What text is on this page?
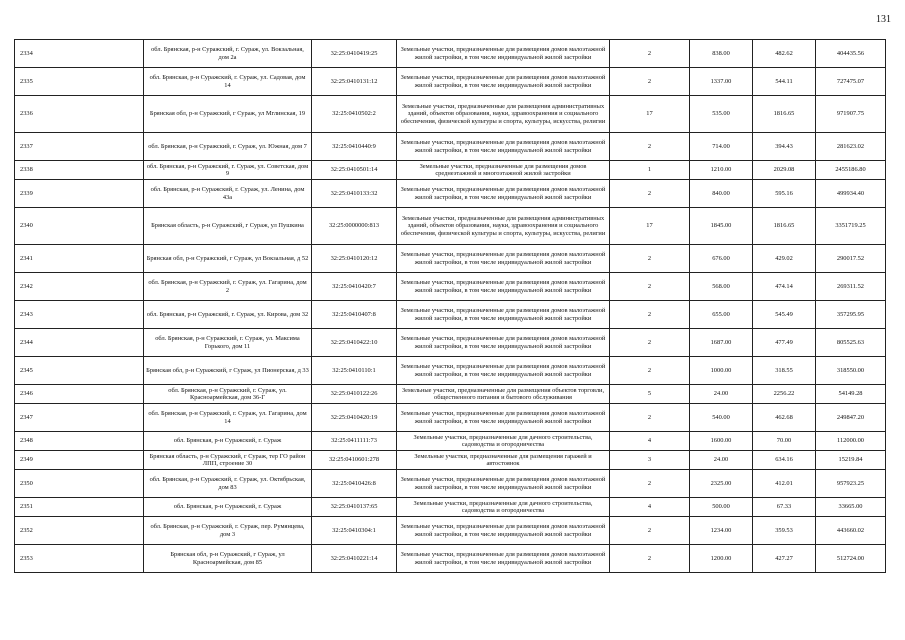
131
2334	обл. Брянская, р-н Суражский, г. Сураж, ул. Вокзальная, дом 2а	32:25:0410419:25	Земельные участки, предназначенные для размещения домов малоэтажной жилой застройки, в том числе индивидуальной жилой застройки	2	838.00	482.62	404435.56
2335	обл. Брянская, р-н Суражский, г. Сураж, ул. Садовая, дом 14	32:25:0410131:12	Земельные участки, предназначенные для размещения домов малоэтажной жилой застройки, в том числе индивидуальной жилой застройки	2	1337.00	544.11	727475.07
2336	Брянская обл, р-н Суражский, г Сураж, ул Мглинская, 19	32:25:0410502:2	Земельные участки, предназначенные для размещения административных зданий, объектов образования, науки, здравоохранения и социального обеспечения, физической культуры и спорта, культуры, искусства, религии	17	535.00	1816.65	971907.75
2337	обл. Брянская, р-н Суражский, г. Сураж, ул. Южная, дом 7	32:25:0410440:9	Земельные участки, предназначенные для размещения домов малоэтажной жилой застройки, в том числе индивидуальной жилой застройки	2	714.00	394.43	281623.02
2338	обл. Брянская, р-н Суражский, г. Сураж, ул. Советская, дом 9	32:25:0410501:14	Земельные участки, предназначенные для размещения домов среднеэтажной и многоэтажной жилой застройки	1	1210.00	2029.08	2455186.80
2339	обл. Брянская, р-н Суражский, г. Сураж, ул. Ленина, дом 43а	32:25:0410133:32	Земельные участки, предназначенные для размещения домов малоэтажной жилой застройки, в том числе индивидуальной жилой застройки	2	840.00	595.16	499934.40
2340	Брянская область, р-н Суражский, г Сураж, ул Пушкина	32:25:0000000:813	Земельные участки, предназначенные для размещения административных зданий, объектов образования, науки, здравоохранения и социального обеспечения, физической культуры и спорта, культуры, искусства, религии	17	1845.00	1816.65	3351719.25
2341	Брянская обл, р-н Суражский, г Сураж, ул Вокзальная, д 52	32:25:0410120:12	Земельные участки, предназначенные для размещения домов малоэтажной жилой застройки, в том числе индивидуальной жилой застройки	2	676.00	429.02	290017.52
2342	обл. Брянская, р-н Суражский, г. Сураж, ул. Гагарина, дом 2	32:25:0410420:7	Земельные участки, предназначенные для размещения домов малоэтажной жилой застройки, в том числе индивидуальной жилой застройки	2	568.00	474.14	269311.52
2343	обл. Брянская, р-н Суражский, г. Сураж, ул. Кирова, дом 32	32:25:0410407:8	Земельные участки, предназначенные для размещения домов малоэтажной жилой застройки, в том числе индивидуальной жилой застройки	2	655.00	545.49	357295.95
2344	обл. Брянская, р-н Суражский, г. Сураж, ул. Максима Горького, дом 11	32:25:0410422:10	Земельные участки, предназначенные для размещения домов малоэтажной жилой застройки, в том числе индивидуальной жилой застройки	2	1687.00	477.49	805525.63
2345	Брянская обл, р-н Суражский, г Сураж, ул Пионерская, д 33	32:25:0410110:1	Земельные участки, предназначенные для размещения домов малоэтажной жилой застройки, в том числе индивидуальной жилой застройки	2	1000.00	318.55	318550.00
2346	обл. Брянская, р-н Суражский, г. Сураж, ул. Красноармейская, дом 36-Г	32:25:0410122:26	Земельные участки, предназначенные для размещения объектов торговли, общественного питания и бытового обслуживания	5	24.00	2256.22	54149.28
2347	обл. Брянская, р-н Суражский, г. Сураж, ул. Гагарина, дом 14	32:25:0410420:19	Земельные участки, предназначенные для размещения домов малоэтажной жилой застройки, в том числе индивидуальной жилой застройки	2	540.00	462.68	249847.20
2348	обл. Брянская, р-н Суражский, г. Сураж	32:25:0411111:73	Земельные участки, предназначенные для дачного строительства, садоводства и огородничества	4	1600.00	70.00	112000.00
2349	Брянская область, р-н Суражский, г Сураж, тер ГО район ЛПП, строение 30	32:25:0410601:278	Земельные участки, предназначенные для размещения гаражей и автостоянок	3	24.00	634.16	15219.84
2350	обл. Брянская, р-н Суражский, г. Сураж, ул. Октябрьская, дом 83	32:25:0410426:8	Земельные участки, предназначенные для размещения домов малоэтажной жилой застройки, в том числе индивидуальной жилой застройки	2	2325.00	412.01	957923.25
2351	обл. Брянская, р-н Суражский, г. Сураж	32:25:0410137:65	Земельные участки, предназначенные для дачного строительства, садоводства и огородничества	4	500.00	67.33	33665.00
2352	обл. Брянская, р-н Суражский, г. Сураж, пер. Румянцева, дом 3	32:25:0410304:1	Земельные участки, предназначенные для размещения домов малоэтажной жилой застройки, в том числе индивидуальной жилой застройки	2	1234.00	359.53	443660.02
2353	Брянская обл, р-н Суражский, г Сураж, ул Красноармейская, дом 85	32:25:0410221:14	Земельные участки, предназначенные для размещения домов малоэтажной жилой застройки, в том числе индивидуальной жилой застройки	2	1200.00	427.27	512724.00
